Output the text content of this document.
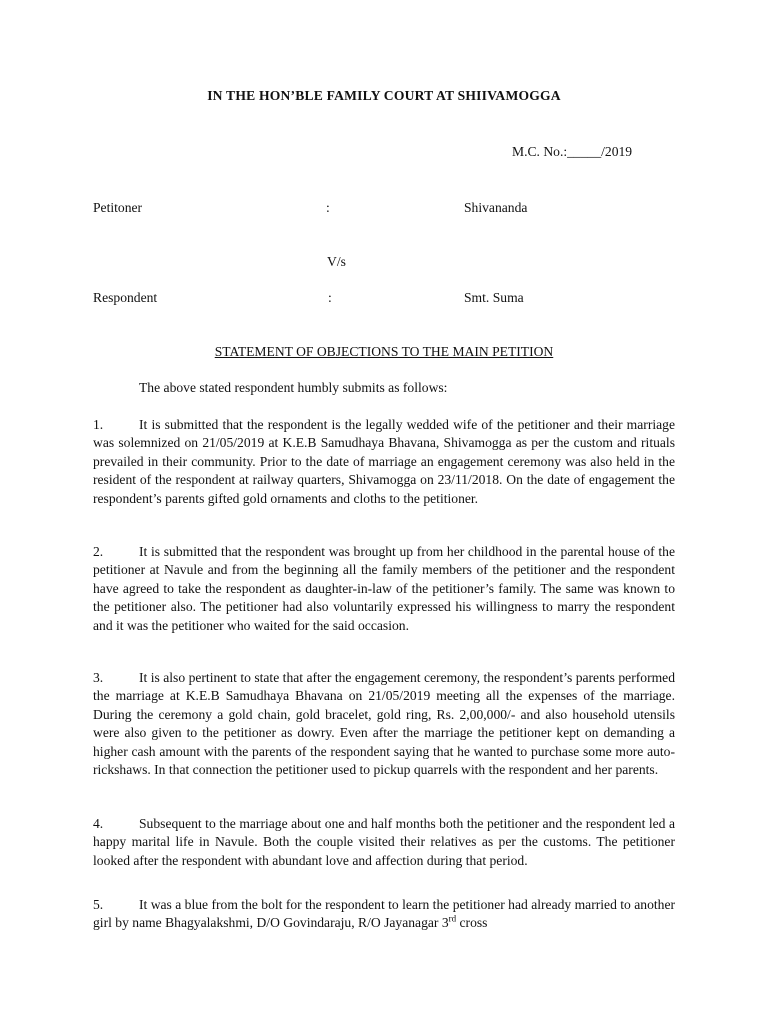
IN THE HON’BLE FAMILY COURT AT SHIIVAMOGGA
M.C. No.:_____/2019
Petitoner	:	Shivananda
V/s
Respondent	:	Smt. Suma
STATEMENT OF OBJECTIONS TO THE MAIN PETITION
The above stated respondent humbly submits as follows:

1.	It is submitted that the respondent is the legally wedded wife of the petitioner and their marriage was solemnized on 21/05/2019 at K.E.B Samudhaya Bhavana, Shivamogga as per the custom and rituals prevailed in their community. Prior to the date of marriage an engagement ceremony was also held in the resident of the respondent at railway quarters, Shivamogga on 23/11/2018. On the date of engagement the respondent’s parents gifted gold ornaments and cloths to the petitioner.

2.	It is submitted that the respondent was brought up from her childhood in the parental house of the petitioner at Navule and from the beginning all the family members of the petitioner and the respondent have agreed to take the respondent as daughter-in-law of the petitioner’s family. The same was known to the petitioner also. The petitioner had also voluntarily expressed his willingness to marry the respondent and it was the petitioner who waited for the said occasion.

3.	It is also pertinent to state that after the engagement ceremony, the respondent’s parents performed the marriage at K.E.B Samudhaya Bhavana on 21/05/2019 meeting all the expenses of the marriage. During the ceremony a gold chain, gold bracelet, gold ring, Rs. 2,00,000/- and also household utensils were also given to the petitioner as dowry. Even after the marriage the petitioner kept on demanding a higher cash amount with the parents of the respondent saying that he wanted to purchase some more auto-rickshaws. In that connection the petitioner used to pickup quarrels with the respondent and her parents.

4.	Subsequent to the marriage about one and half months both the petitioner and the respondent led a happy marital life in Navule. Both the couple visited their relatives as per the customs. The petitioner looked after the respondent with abundant love and affection during that period.

5.	It was a blue from the bolt for the respondent to learn the petitioner had already married to another girl by name Bhagyalakshmi, D/O Govindaraju, R/O Jayanagar 3rd cross
